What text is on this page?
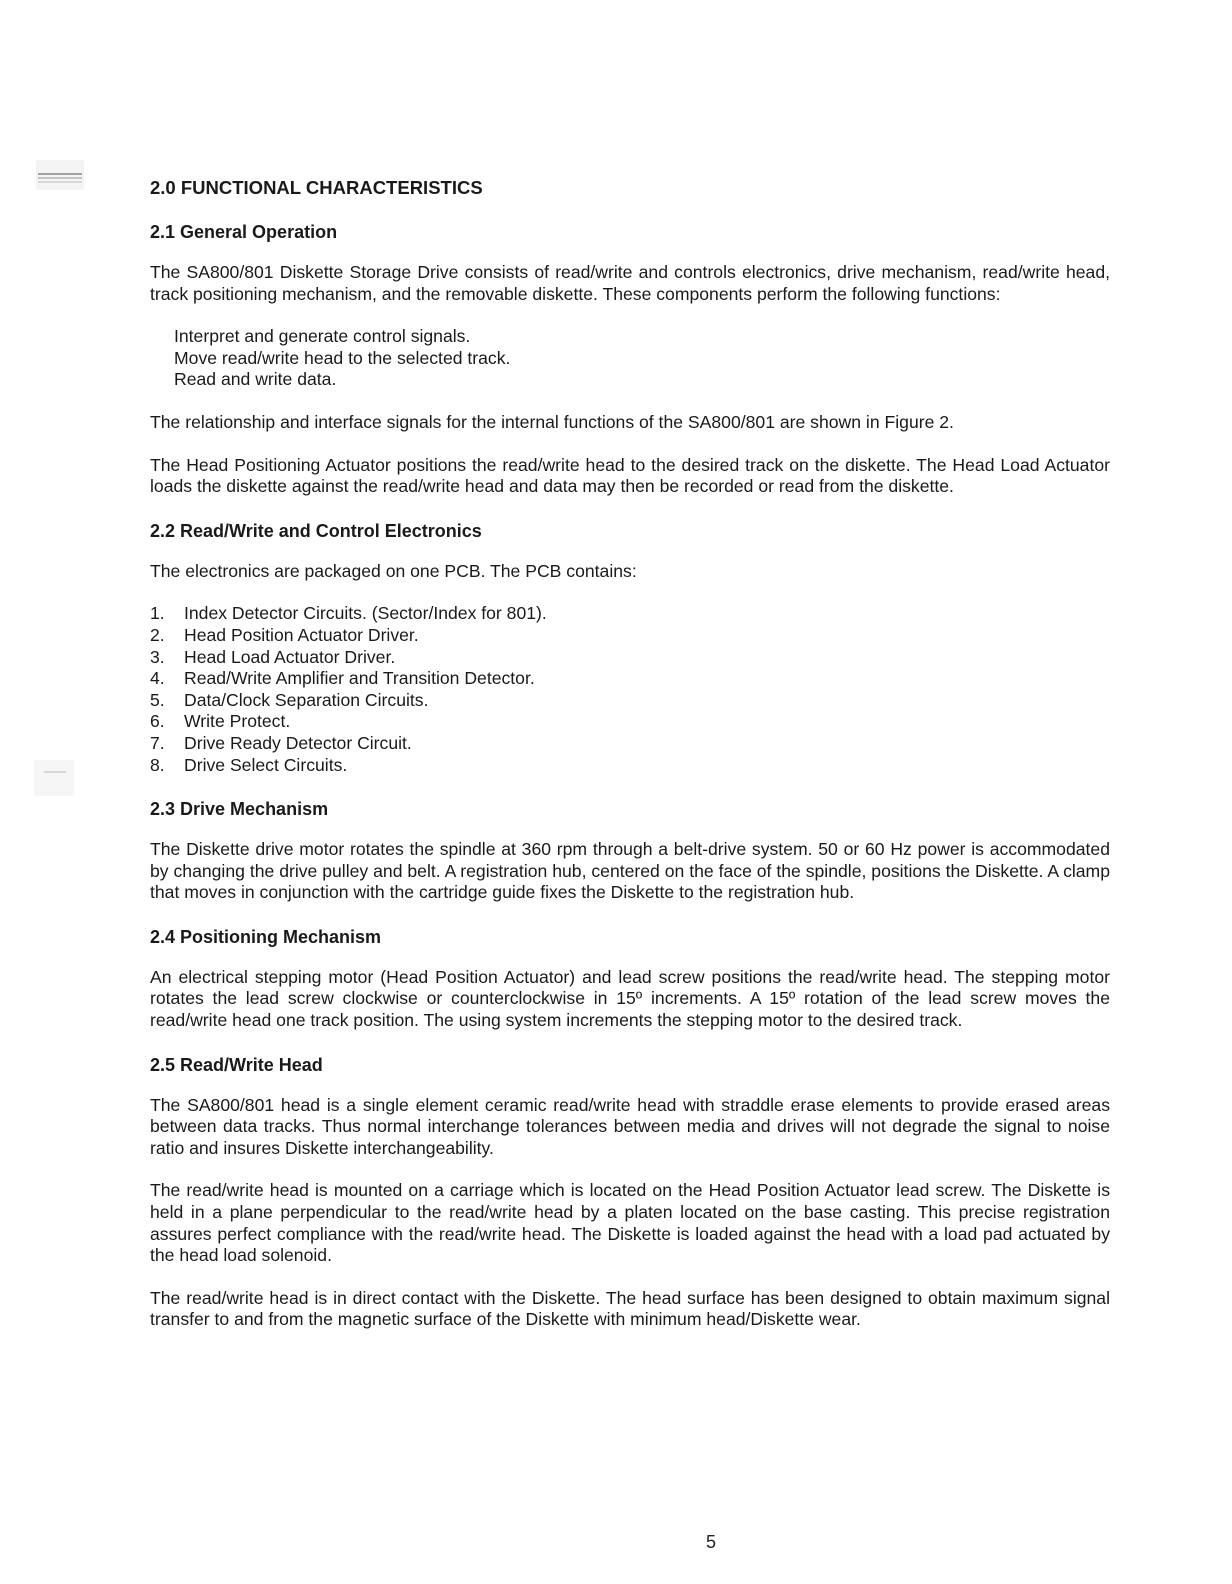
2.0 FUNCTIONAL CHARACTERISTICS
2.1 General Operation

The SA800/801 Diskette Storage Drive consists of read/write and controls electronics, drive mechanism, read/write head, track positioning mechanism, and the removable diskette. These components perform the following functions:

Interpret and generate control signals.
Move read/write head to the selected track.
Read and write data.

The relationship and interface signals for the internal functions of the SA800/801 are shown in Figure 2.

The Head Positioning Actuator positions the read/write head to the desired track on the diskette. The Head Load Actuator loads the diskette against the read/write head and data may then be recorded or read from the diskette.

2.2 Read/Write and Control Electronics

The electronics are packaged on one PCB. The PCB contains:

1.	Index Detector Circuits. (Sector/Index for 801).
2.	Head Position Actuator Driver.
3.	Head Load Actuator Driver.
4.	Read/Write Amplifier and Transition Detector.
5.	Data/Clock Separation Circuits.
6.	Write Protect.
7.	Drive Ready Detector Circuit.
8.	Drive Select Circuits.
2.3 Drive Mechanism

The Diskette drive motor rotates the spindle at 360 rpm through a belt-drive system. 50 or 60 Hz power is accommodated by changing the drive pulley and belt. A registration hub, centered on the face of the spindle, positions the Diskette. A clamp that moves in conjunction with the cartridge guide fixes the Diskette to the registration hub.

2.4 Positioning Mechanism

An electrical stepping motor (Head Position Actuator) and lead screw positions the read/write head. The stepping motor rotates the lead screw clockwise or counterclockwise in 15º increments. A 15º rotation of the lead screw moves the read/write head one track position. The using system increments the stepping motor to the desired track.

2.5 Read/Write Head

The SA800/801 head is a single element ceramic read/write head with straddle erase elements to provide erased areas between data tracks. Thus normal interchange tolerances between media and drives will not degrade the signal to noise ratio and insures Diskette interchangeability.

The read/write head is mounted on a carriage which is located on the Head Position Actuator lead screw. The Diskette is held in a plane perpendicular to the read/write head by a platen located on the base casting. This precise registration assures perfect compliance with the read/write head. The Diskette is loaded against the head with a load pad actuated by the head load solenoid.

The read/write head is in direct contact with the Diskette. The head surface has been designed to obtain maximum signal transfer to and from the magnetic surface of the Diskette with minimum head/Diskette wear.

5
